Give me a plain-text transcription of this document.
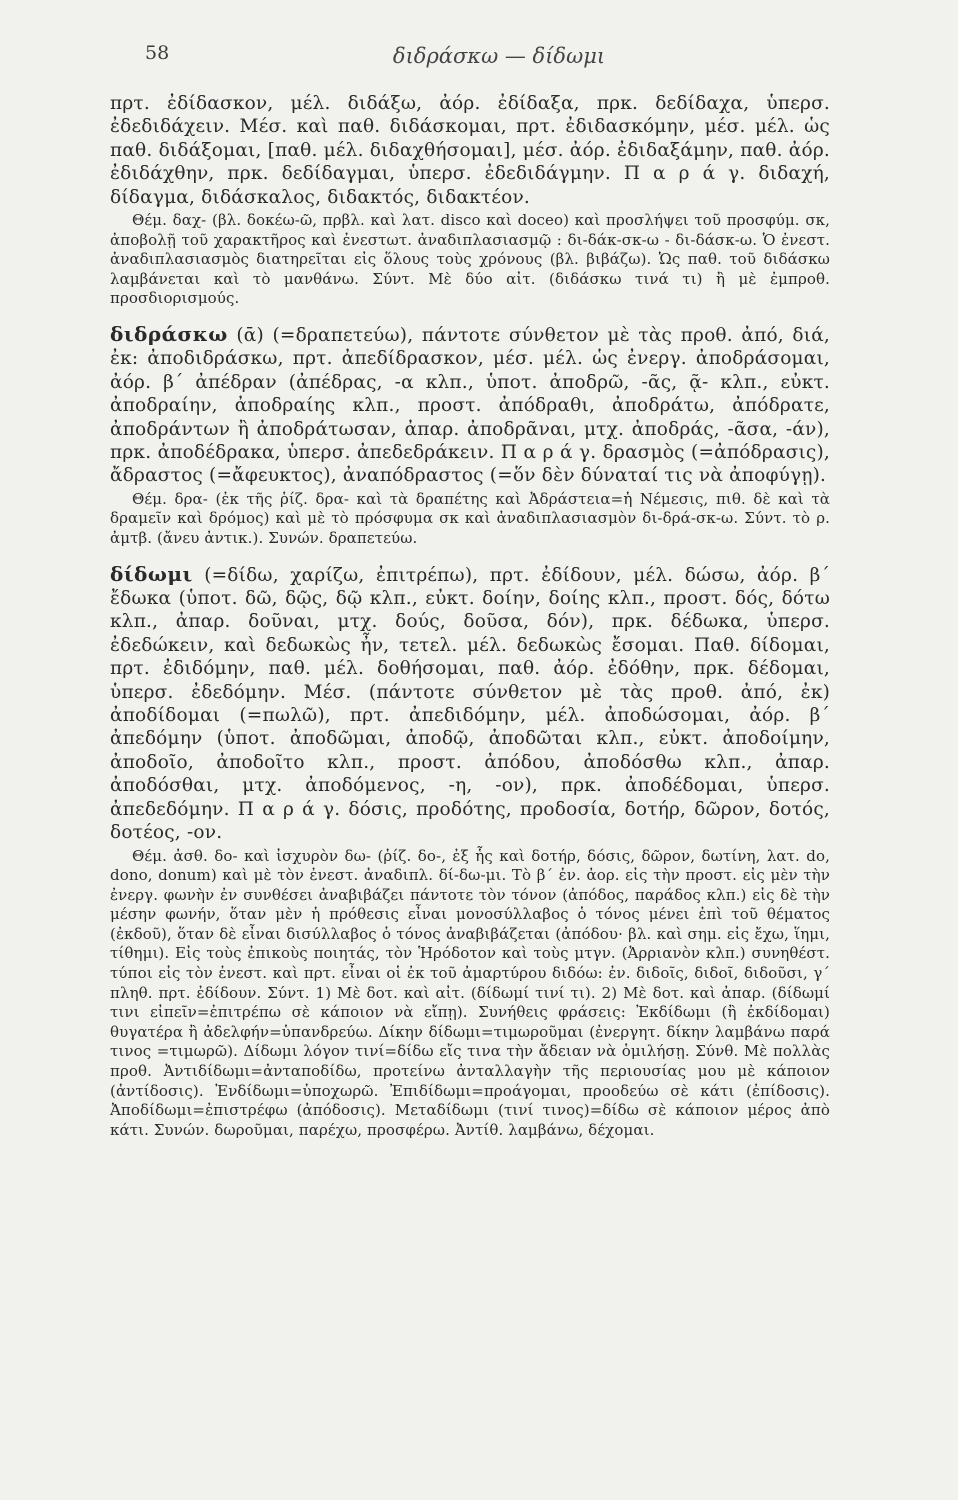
58	διδράσκω — δίδωμι

πρτ. ἐδίδασκον, μέλ. διδάξω, ἀόρ. ἐδίδαξα, πρκ. δεδίδαχα, ὑπερσ. ἐδεδιδάχειν. Μέσ. καὶ παθ. διδάσκομαι, πρτ. ἐδιδασκόμην, μέσ. μέλ. ὡς παθ. διδάξομαι, [παθ. μέλ. διδαχθήσομαι], μέσ. ἀόρ. ἐδιδαξάμην, παθ. ἀόρ. ἐδιδάχθην, πρκ. δεδίδαγμαι, ὑπερσ. ἐδεδιδάγμην. Π α ρ ά γ. διδαχή, δίδαγμα, διδάσκαλος, διδακτός, διδακτέον.

Θέμ. δαχ- (βλ. δοκέω-ῶ, πρβλ. καὶ λατ. disco καὶ doceo) καὶ προσλήψει τοῦ προσφύμ. σκ, ἀποβολῇ τοῦ χαρακτῆρος καὶ ἐνεστωτ. ἀναδιπλασιασμῷ : δι-δάκ-σκ-ω - δι-δάσκ-ω. Ὁ ἐνεστ. ἀναδιπλασιασμὸς διατηρεῖται εἰς ὅλους τοὺς χρόνους (βλ. βιβάζω). Ὡς παθ. τοῦ διδάσκω λαμβάνεται καὶ τὸ μανθάνω. Σύντ. Μὲ δύο αἰτ. (διδάσκω τινά τι) ἢ μὲ ἐμπροθ. προσδιορισμούς.

διδράσκω (ᾱ) (=δραπετεύω), πάντοτε σύνθετον μὲ τὰς προθ. ἀπό, διά, ἐκ: ἀποδιδράσκω, πρτ. ἀπεδίδρασκον, μέσ. μέλ. ὡς ἐνεργ. ἀποδράσομαι, ἀόρ. β΄ ἀπέδραν (ἀπέδρας, -α κλπ., ὑποτ. ἀποδρῶ, -ᾶς, ᾷ- κλπ., εὐκτ. ἀποδραίην, ἀποδραίης κλπ., προστ. ἀπόδραθι, ἀποδράτω, ἀπόδρατε, ἀποδράντων ἢ ἀποδράτωσαν, ἀπαρ. ἀποδρᾶναι, μτχ. ἀποδράς, -ᾶσα, -άν), πρκ. ἀποδέδρακα, ὑπερσ. ἀπεδεδράκειν. Π α ρ ά γ. δρασμὸς (=ἀπόδρασις), ἄδραστος (=ἄφευκτος), ἀναπόδραστος (=ὅν δὲν δύναταί τις νὰ ἀποφύγῃ).

Θέμ. δρα- (ἐκ τῆς ῥίζ. δρα- καὶ τὰ δραπέτης καὶ Ἀδράστεια=ἡ Νέμεσις, πιθ. δὲ καὶ τὰ δραμεῖν καὶ δρόμος) καὶ μὲ τὸ πρόσφυμα σκ καὶ ἀναδιπλασιασμὸν δι-δρά-σκ-ω. Σύντ. τὸ ρ. ἀμτβ. (ἄνευ ἀντικ.). Συνών. δραπετεύω.

δίδωμι (=δίδω, χαρίζω, ἐπιτρέπω), πρτ. ἐδίδουν, μέλ. δώσω, ἀόρ. β΄ ἔδωκα (ὑποτ. δῶ, δῷς, δῷ κλπ., εὐκτ. δοίην, δοίης κλπ., προστ. δός, δότω κλπ., ἀπαρ. δοῦναι, μτχ. δούς, δοῦσα, δόν), πρκ. δέδωκα, ὑπερσ. ἐδεδώκειν, καὶ δεδωκὼς ἦν, τετελ. μέλ. δεδωκὼς ἔσομαι. Παθ. δίδομαι, πρτ. ἐδιδόμην, παθ. μέλ. δοθήσομαι, παθ. ἀόρ. ἐδόθην, πρκ. δέδομαι, ὑπερσ. ἐδεδόμην. Μέσ. (πάντοτε σύνθετον μὲ τὰς προθ. ἀπό, ἐκ) ἀποδίδομαι (=πωλῶ), πρτ. ἀπεδιδόμην, μέλ. ἀποδώσομαι, ἀόρ. β΄ ἀπεδόμην (ὑποτ. ἀποδῶμαι, ἀποδῷ, ἀποδῶται κλπ., εὐκτ. ἀποδοίμην, ἀποδοῖο, ἀποδοῖτο κλπ., προστ. ἀπόδου, ἀποδόσθω κλπ., ἀπαρ. ἀποδόσθαι, μτχ. ἀποδόμενος, -η, -ον), πρκ. ἀποδέδομαι, ὑπερσ. ἀπεδεδόμην. Π α ρ ά γ. δόσις, προδότης, προδοσία, δοτήρ, δῶρον, δοτός, δοτέος, -ον.

Θέμ. ἀσθ. δο- καὶ ἰσχυρὸν δω- (ῥίζ. δο-, ἐξ ἧς καὶ δοτήρ, δόσις, δῶρον, δωτίνη, λατ. do, dono, donum) καὶ μὲ τὸν ἐνεστ. ἀναδιπλ. δί-δω-μι. Τὸ β΄ ἐν. ἀορ. εἰς τὴν προστ. εἰς μὲν τὴν ἐνεργ. φωνὴν ἐν συνθέσει ἀναβιβάζει πάντοτε τὸν τόνον (ἀπόδος, παράδος κλπ.) εἰς δὲ τὴν μέσην φωνήν, ὅταν μὲν ἡ πρόθεσις εἶναι μονοσύλλαβος ὁ τόνος μένει ἐπὶ τοῦ θέματος (ἐκδοῦ), ὅταν δὲ εἶναι δισύλλαβος ὁ τόνος ἀναβιβάζεται (ἀπόδου· βλ. καὶ σημ. εἰς ἔχω, ἵημι, τίθημι). Εἰς τοὺς ἐπικοὺς ποιητάς, τὸν Ἡρόδοτον καὶ τοὺς μτγν. (Ἀρριανὸν κλπ.) συνηθέστ. τύποι εἰς τὸν ἐνεστ. καὶ πρτ. εἶναι οἱ ἐκ τοῦ ἀμαρτύρου διδόω: ἐν. διδοῖς, διδοῖ, διδοῦσι, γ΄ πληθ. πρτ. ἐδίδουν. Σύντ. 1) Μὲ δοτ. καὶ αἰτ. (δίδωμί τινί τι). 2) Μὲ δοτ. καὶ ἀπαρ. (δίδωμί τινι εἰπεῖν=ἐπιτρέπω σὲ κάποιον νὰ εἴπῃ). Συνήθεις φράσεις: Ἐκδίδωμι (ἢ ἐκδίδομαι) θυγατέρα ἢ ἀδελφήν=ὑπανδρεύω. Δίκην δίδωμι=τιμωροῦμαι (ἐνεργητ. δίκην λαμβάνω παρά τινος =τιμωρῶ). Δίδωμι λόγον τινί=δίδω εἴς τινα τὴν ἄδειαν νὰ ὁμιλήσῃ. Σύνθ. Μὲ πολλὰς προθ. Ἀντιδίδωμι=ἀνταποδίδω, προτείνω ἀνταλλαγὴν τῆς περιουσίας μου μὲ κάποιον (ἀντίδοσις). Ἐνδίδωμι=ὑποχωρῶ. Ἐπιδίδωμι=προάγομαι, προοδεύω σὲ κάτι (ἐπίδοσις). Ἀποδίδωμι=ἐπιστρέφω (ἀπόδοσις). Μεταδίδωμι (τινί τινος)=δίδω σὲ κάποιον μέρος ἀπὸ κάτι. Συνών. δωροῦμαι, παρέχω, προσφέρω. Ἀντίθ. λαμβάνω, δέχομαι.
